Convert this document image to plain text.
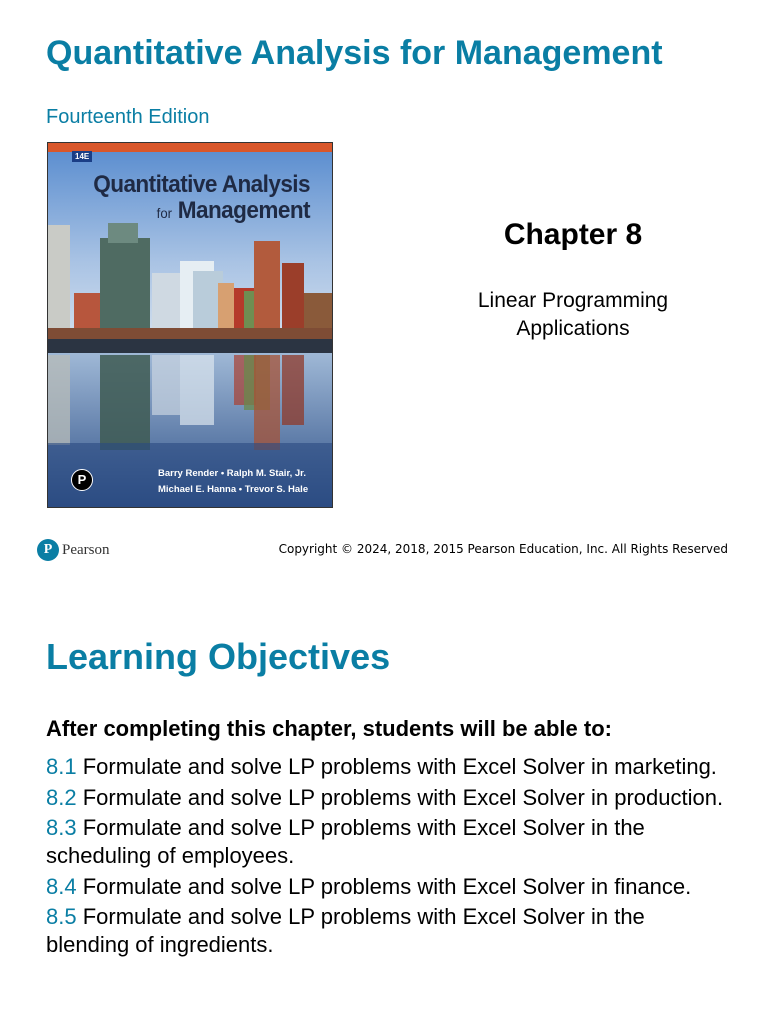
Quantitative Analysis for Management
Fourteenth Edition
14E
Quantitative Analysis
for Management
P	Barry Render • Ralph M. Stair, Jr.
Michael E. Hanna • Trevor S. Hale
Chapter 8
Linear Programming
Applications
P Pearson	Copyright © 2024, 2018, 2015 Pearson Education, Inc. All Rights Reserved
Learning Objectives
After completing this chapter, students will be able to:
8.1 Formulate and solve LP problems with Excel Solver in marketing.
8.2 Formulate and solve LP problems with Excel Solver in production.
8.3 Formulate and solve LP problems with Excel Solver in the scheduling of employees.
8.4 Formulate and solve LP problems with Excel Solver in finance.
8.5 Formulate and solve LP problems with Excel Solver in the blending of ingredients.
